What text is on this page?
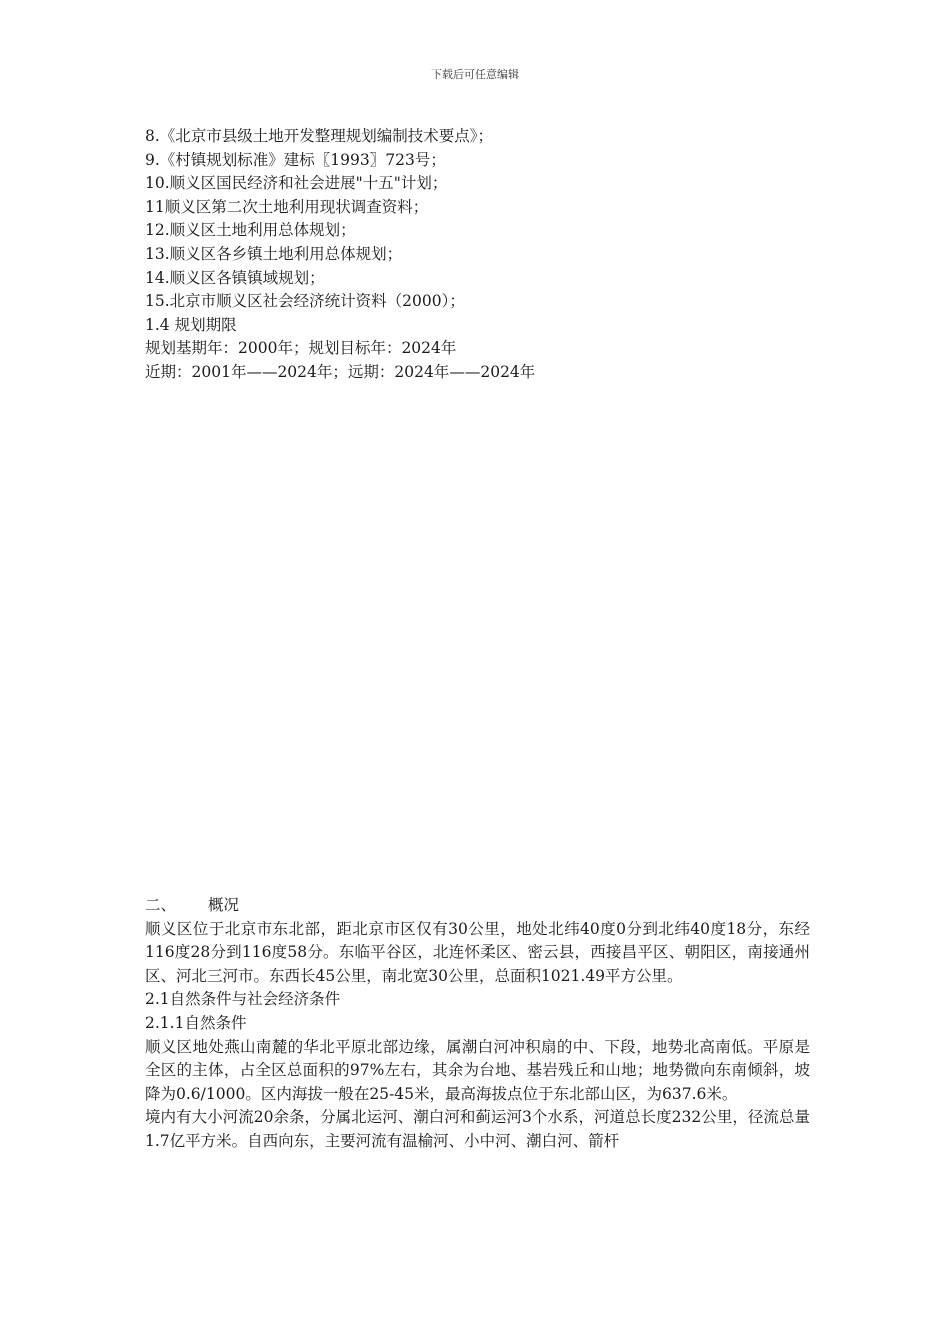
下载后可任意编辑
8.《北京市县级土地开发整理规划编制技术要点》；
9.《村镇规划标准》建标〖1993〗723号；
10.顺义区国民经济和社会进展"十五"计划；
11顺义区第二次土地利用现状调查资料；
12.顺义区土地利用总体规划；
13.顺义区各乡镇土地利用总体规划；
14.顺义区各镇镇域规划；
15.北京市顺义区社会经济统计资料（2000）；
1.4 规划期限
规划基期年：2000年；规划目标年：2024年
近期：2001年——2024年；远期：2024年——2024年
二、 概况

顺义区位于北京市东北部，距北京市区仅有30公里，地处北纬40度0分到北纬40度18分，东经116度28分到116度58分。东临平谷区，北连怀柔区、密云县，西接昌平区、朝阳区，南接通州区、河北三河市。东西长45公里，南北宽30公里，总面积1021.49平方公里。

2.1自然条件与社会经济条件
2.1.1自然条件

顺义区地处燕山南麓的华北平原北部边缘，属潮白河冲积扇的中、下段，地势北高南低。平原是全区的主体，占全区总面积的97%左右，其余为台地、基岩残丘和山地；地势微向东南倾斜，坡降为0.6/1000。区内海拔一般在25-45米，最高海拔点位于东北部山区，为637.6米。

境内有大小河流20余条，分属北运河、潮白河和蓟运河3个水系，河道总长度232公里，径流总量1.7亿平方米。自西向东，主要河流有温榆河、小中河、潮白河、箭杆
